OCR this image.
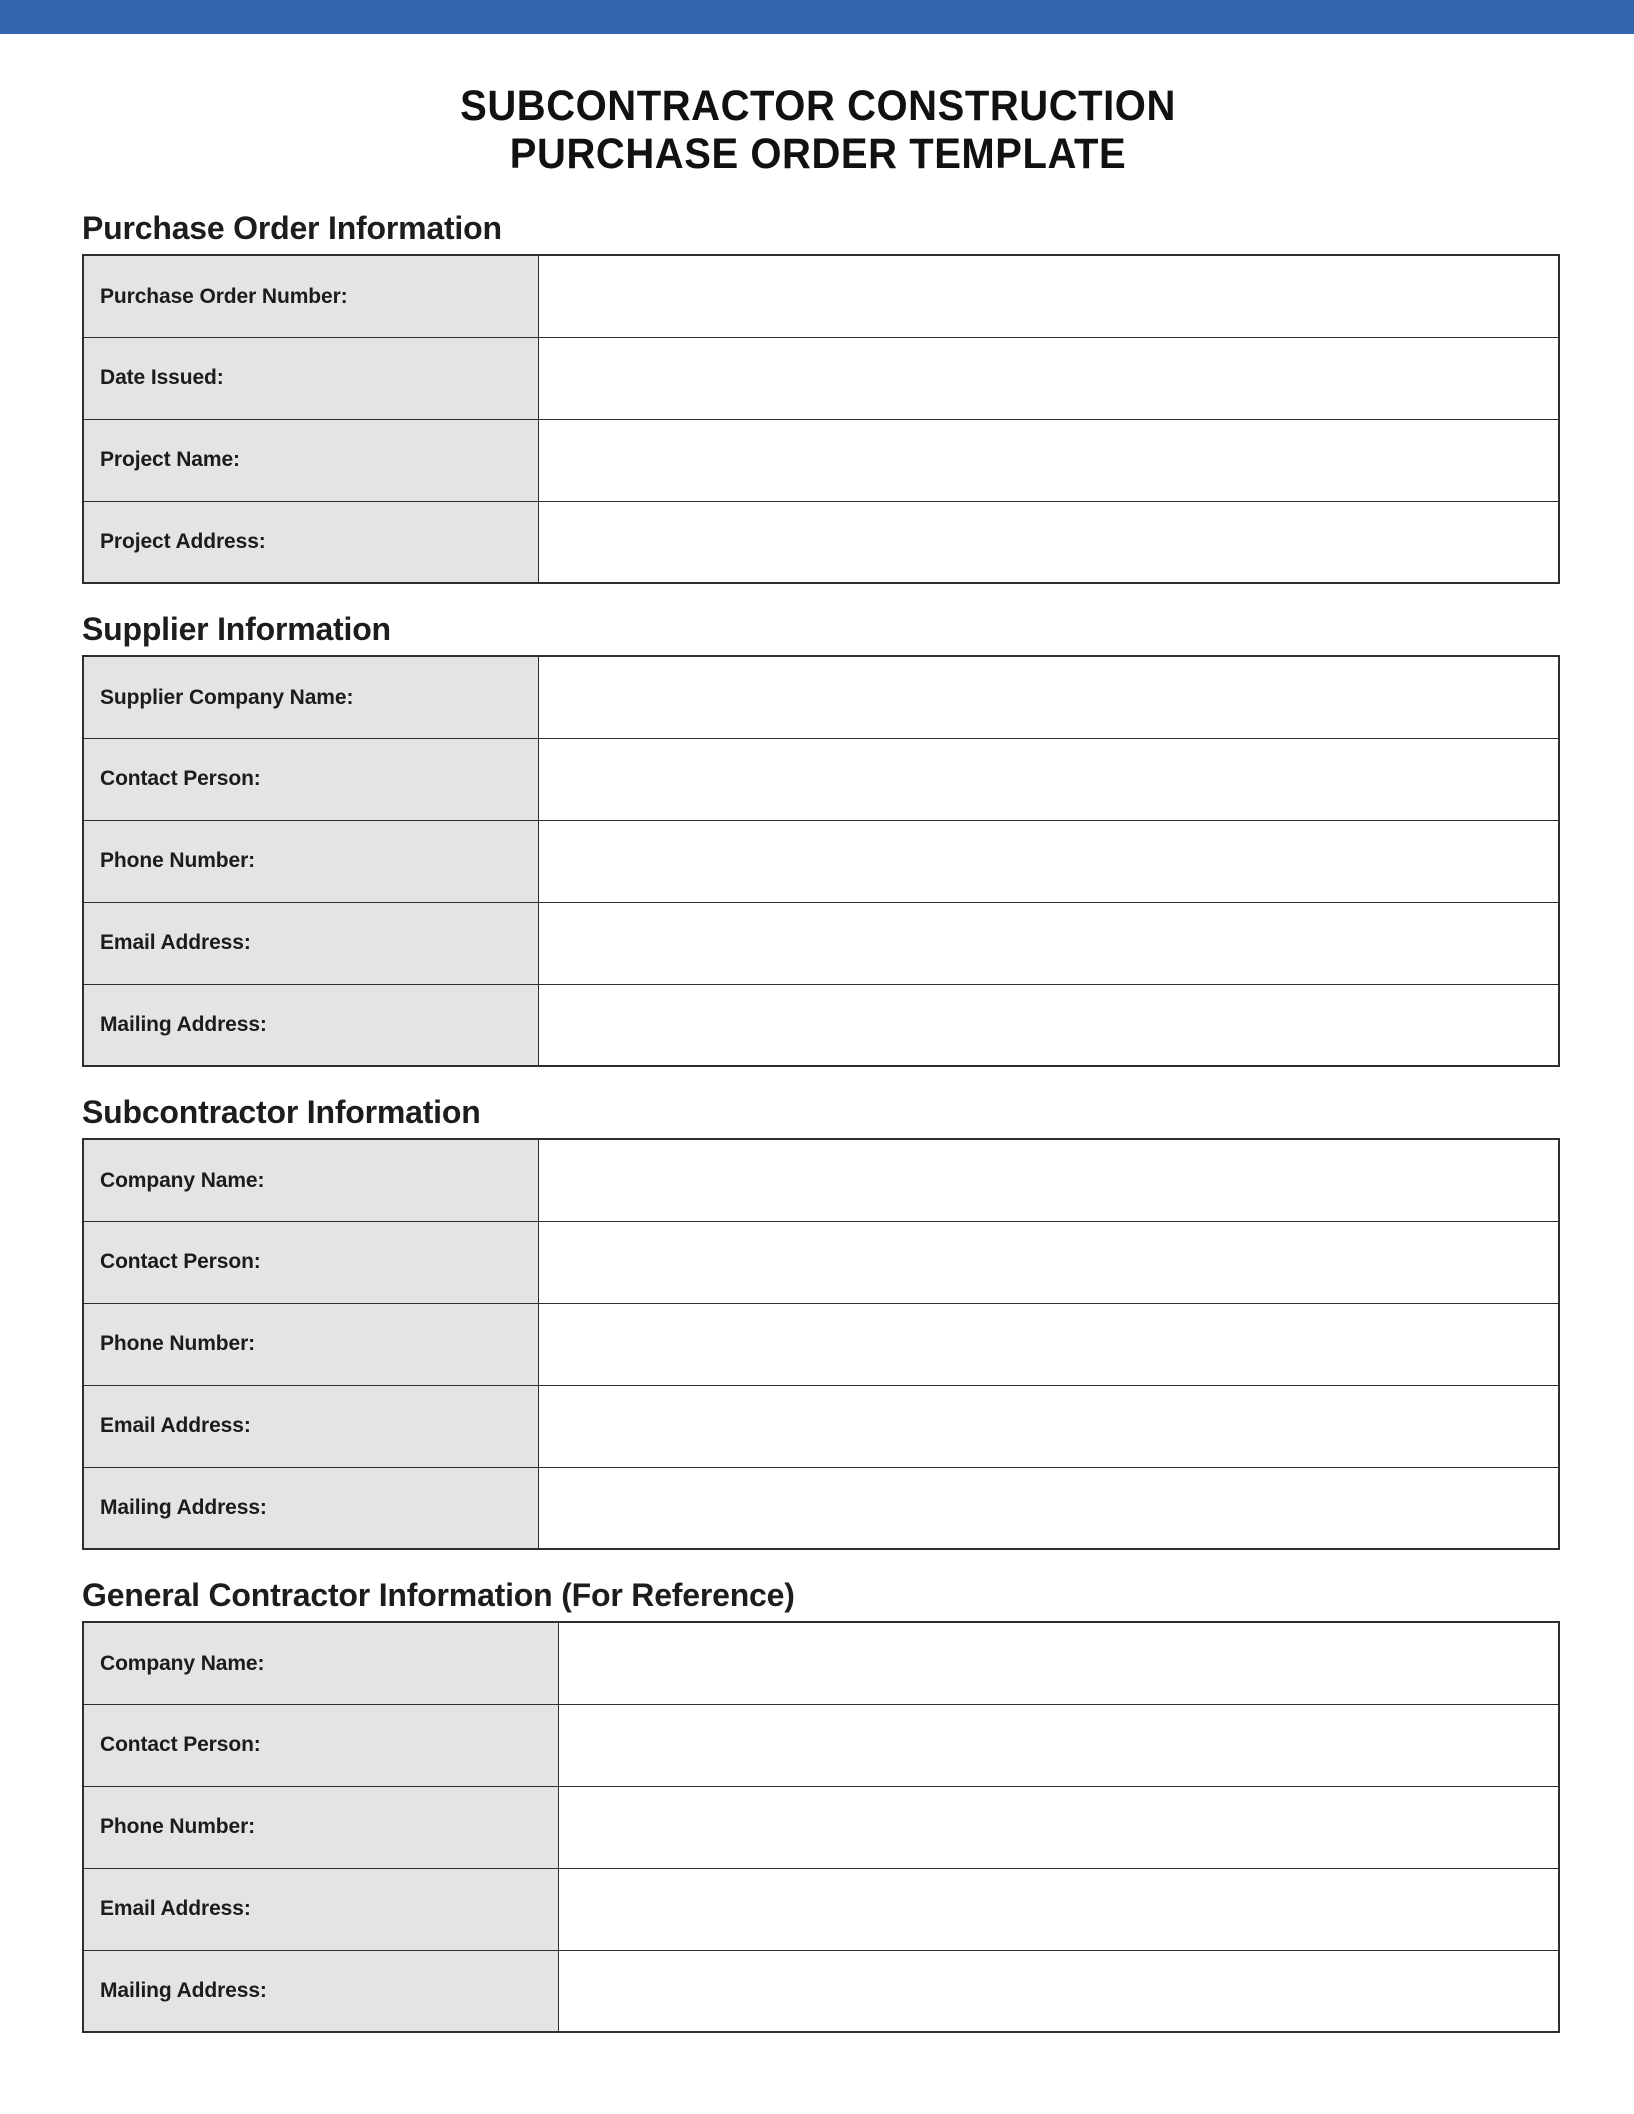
SUBCONTRACTOR CONSTRUCTION
PURCHASE ORDER TEMPLATE
Purchase Order Information
Purchase Order Number:	
Date Issued:	
Project Name:	
Project Address:	
Supplier Information
Supplier Company Name:	
Contact Person:	
Phone Number:	
Email Address:	
Mailing Address:	
Subcontractor Information
Company Name:	
Contact Person:	
Phone Number:	
Email Address:	
Mailing Address:	
General Contractor Information (For Reference)
Company Name:	
Contact Person:	
Phone Number:	
Email Address:	
Mailing Address:	
